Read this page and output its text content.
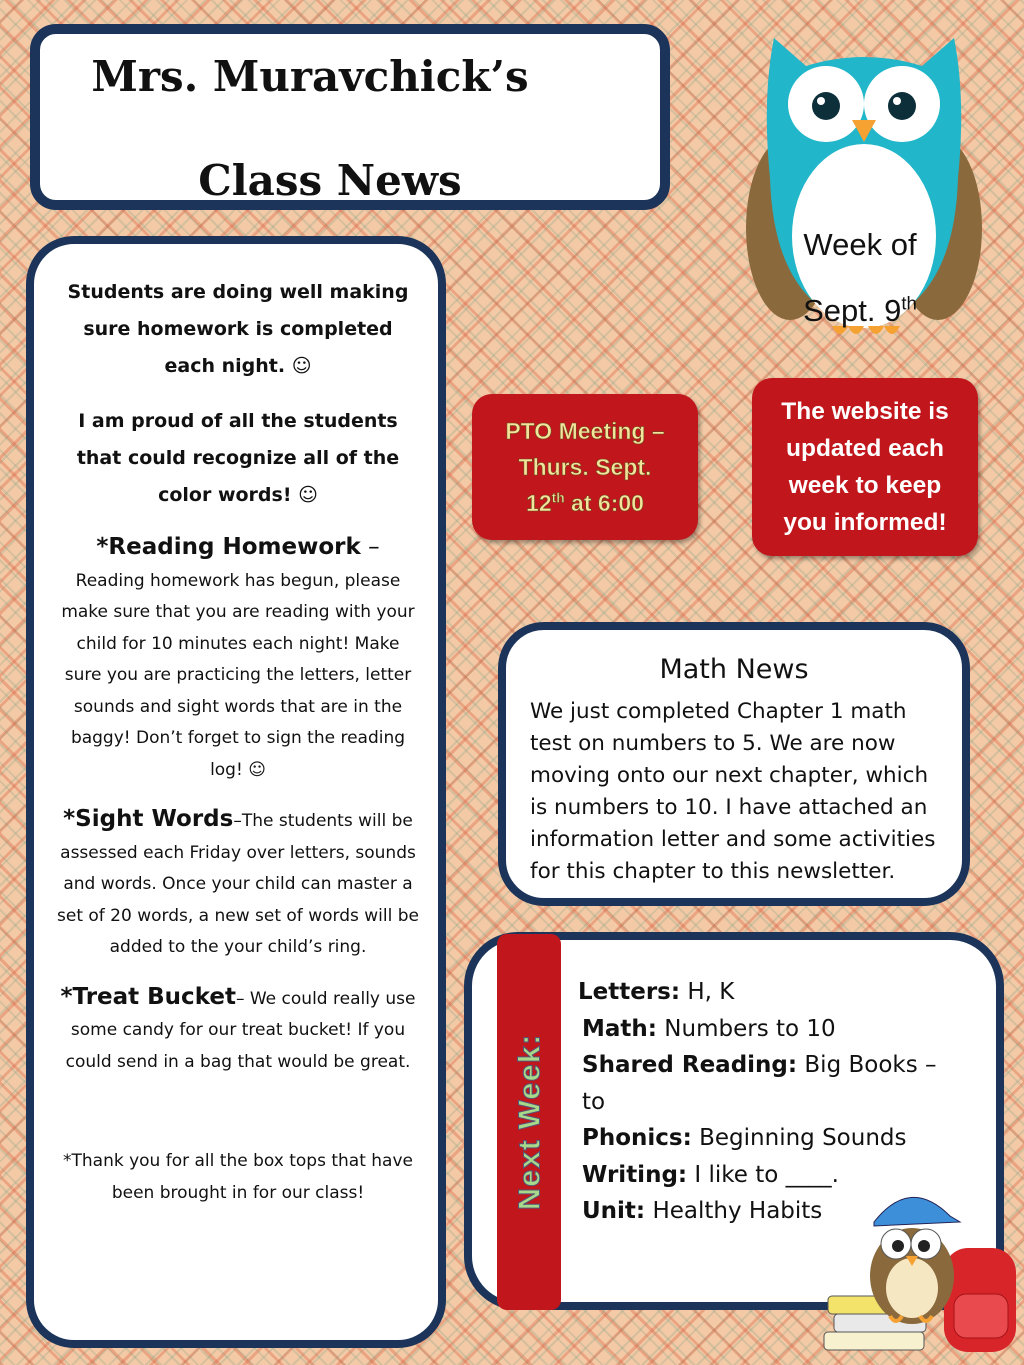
Mrs. Muravchick’s
Class News
Week of
Sept. 9th
PTO Meeting –
Thurs. Sept.
12th at 6:00
The website is updated each week to keep you informed!

Students are doing well making sure homework is completed each night. ☺

I am proud of all the students that could recognize all of the color words! ☺

*Reading Homework –
Reading homework has begun, please make sure that you are reading with your child for 10 minutes each night! Make sure you are practicing the letters, letter sounds and sight words that are in the baggy! Don’t forget to sign the reading log! ☺

*Sight Words–The students will be assessed each Friday over letters, sounds and words. Once your child can master a set of 20 words, a new set of words will be added to the your child’s ring.

*Treat Bucket– We could really use some candy for our treat bucket! If you could send in a bag that would be great.

*Thank you for all the box tops that have been brought in for our class!

Math News
We just completed Chapter 1 math test on numbers to 5. We are now moving onto our next chapter, which is numbers to 10. I have attached an information letter and some activities for this chapter to this newsletter.
Next Week:
Letters: H, K
Math: Numbers to 10
Shared Reading: Big Books – to
Phonics: Beginning Sounds
Writing: I like to ____.
Unit: Healthy Habits
